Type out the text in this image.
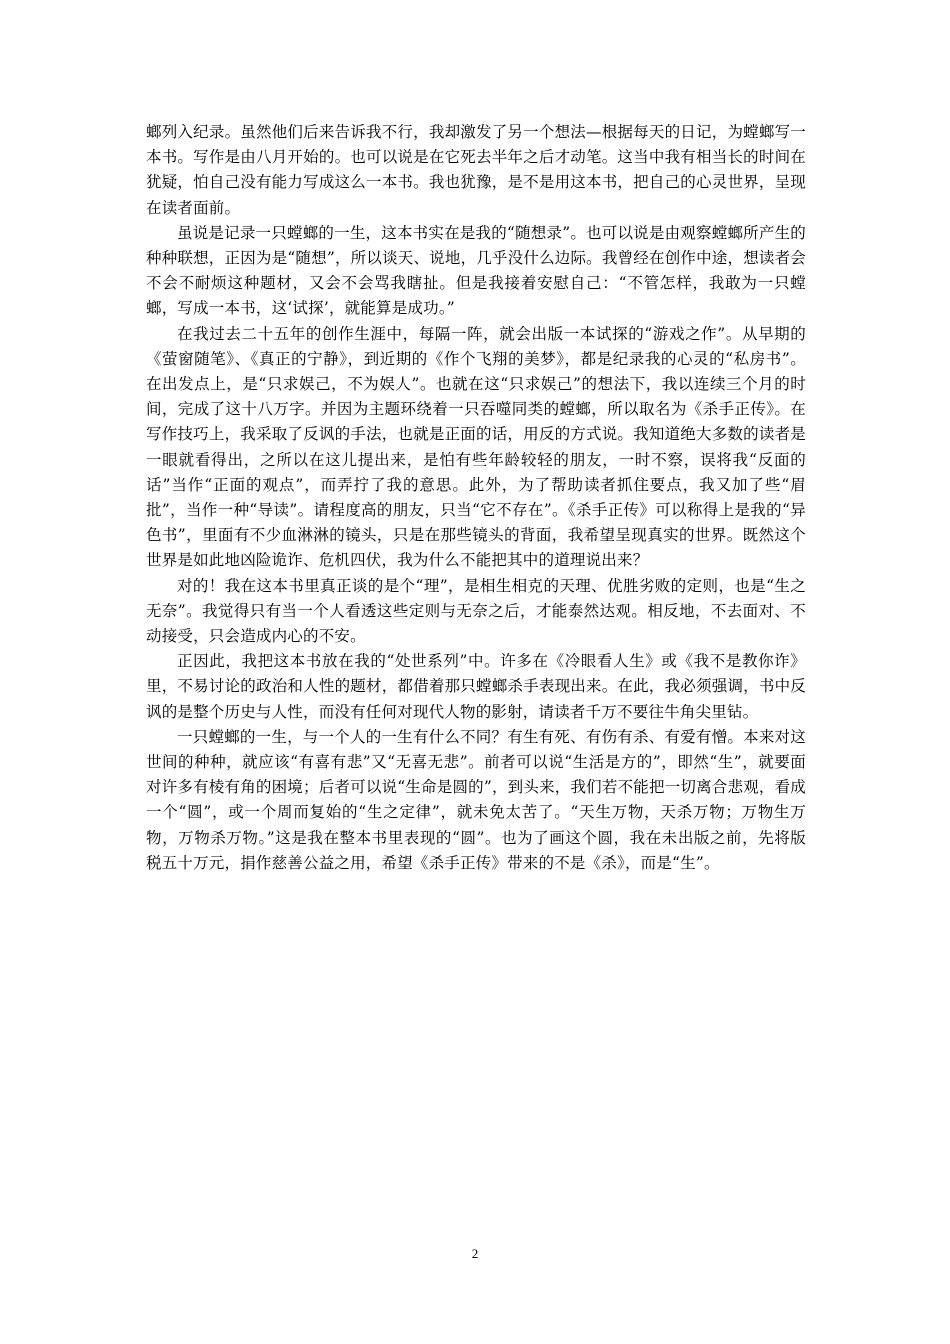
螂列入纪录。虽然他们后来告诉我不行，我却激发了另一个想法—根据每天的日记，为螳螂写一本书。写作是由八月开始的。也可以说是在它死去半年之后才动笔。这当中我有相当长的时间在犹疑，怕自己没有能力写成这么一本书。我也犹豫，是不是用这本书，把自己的心灵世界，呈现在读者面前。

虽说是记录一只螳螂的一生，这本书实在是我的“随想录”。也可以说是由观察螳螂所产生的种种联想，正因为是“随想”，所以谈天、说地，几乎没什么边际。我曾经在创作中途，想读者会不会不耐烦这种题材，又会不会骂我瞎扯。但是我接着安慰自己：“不管怎样，我敢为一只螳螂，写成一本书，这‘试探’，就能算是成功。”

在我过去二十五年的创作生涯中，每隔一阵，就会出版一本试探的“游戏之作”。从早期的《萤窗随笔》、《真正的宁静》，到近期的《作个飞翔的美梦》，都是纪录我的心灵的“私房书”。在出发点上，是“只求娱己，不为娱人”。也就在这“只求娱己”的想法下，我以连续三个月的时间，完成了这十八万字。并因为主题环绕着一只吞噬同类的螳螂，所以取名为《杀手正传》。在写作技巧上，我采取了反讽的手法，也就是正面的话，用反的方式说。我知道绝大多数的读者是一眼就看得出，之所以在这儿提出来，是怕有些年龄较轻的朋友，一时不察，误将我“反面的话”当作“正面的观点”，而弄拧了我的意思。此外，为了帮助读者抓住要点，我又加了些“眉批”，当作一种“导读”。请程度高的朋友，只当“它不存在”。《杀手正传》可以称得上是我的“异色书”，里面有不少血淋淋的镜头，只是在那些镜头的背面，我希望呈现真实的世界。既然这个世界是如此地凶险诡诈、危机四伏，我为什么不能把其中的道理说出来？

对的！我在这本书里真正谈的是个“理”，是相生相克的天理、优胜劣败的定则，也是“生之无奈”。我觉得只有当一个人看透这些定则与无奈之后，才能泰然达观。相反地，不去面对、不动接受，只会造成内心的不安。

正因此，我把这本书放在我的“处世系列”中。许多在《冷眼看人生》或《我不是教你诈》里，不易讨论的政治和人性的题材，都借着那只螳螂杀手表现出来。在此，我必须强调，书中反讽的是整个历史与人性，而没有任何对现代人物的影射，请读者千万不要往牛角尖里钻。

一只螳螂的一生，与一个人的一生有什么不同？有生有死、有伤有杀、有爱有憎。本来对这世间的种种，就应该“有喜有悲”又“无喜无悲”。前者可以说“生活是方的”，即然“生”，就要面对许多有棱有角的困境；后者可以说“生命是圆的”，到头来，我们若不能把一切离合悲观，看成一个“圆”，或一个周而复始的“生之定律”，就未免太苦了。“天生万物，天杀万物；万物生万物，万物杀万物。”这是我在整本书里表现的“圆”。也为了画这个圆，我在未出版之前，先将版税五十万元，捐作慈善公益之用，希望《杀手正传》带来的不是《杀》，而是“生”。

2
